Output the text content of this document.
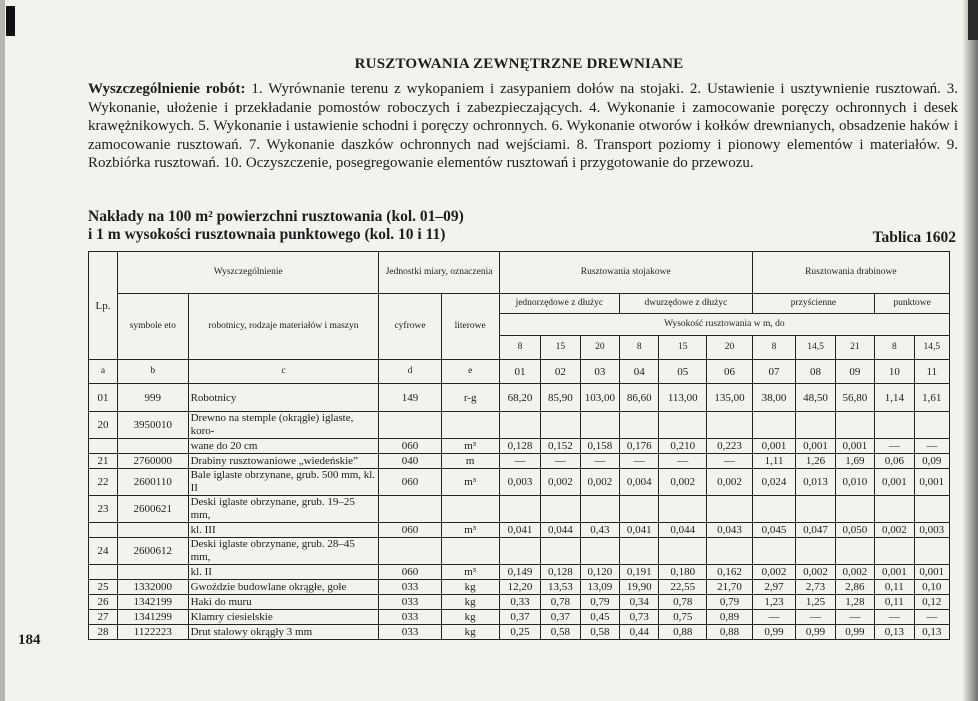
RUSZTOWANIA ZEWNĘTRZNE DREWNIANE

Wyszczególnienie robót: 1. Wyrównanie terenu z wykopaniem i zasypaniem dołów na stojaki. 2. Ustawienie i usztywnienie rusztowań. 3. Wykonanie, ułożenie i przekładanie pomostów roboczych i zabezpieczających. 4. Wykonanie i zamocowanie poręczy ochronnych i desek krawężnikowych. 5. Wykonanie i ustawienie schodni i poręczy ochronnych. 6. Wykonanie otworów i kołków drewnianych, obsadzenie haków i zamocowanie rusztowań. 7. Wykonanie daszków ochronnych nad wejściami. 8. Transport poziomy i pionowy elementów i materiałów. 9. Rozbiórka rusztowań. 10. Oczyszczenie, posegregowanie elementów rusztowań i przygotowanie do przewozu.

Nakłady na 100 m² powierzchni rusztowania (kol. 01–09)
i 1 m wysokości rusztownaia punktowego (kol. 10 i 11)	Tablica 1602
Lp.	Wyszczególnienie		Jednostki miary, oznaczenia		Rusztowania stojakowe						Rusztowania drabinowe				
	symbole eto	robotnicy, rodzaje materiałów i maszyn	cyfrowe	literowe	jednorzędowe z dłużyc			dwurzędowe z dłużyc			przyścienne			punktowe	
					Wysokość rusztowania w m, do										
					8	15	20	8	15	20	8	14,5	21	8	14,5
a	b	c	d	e	01	02	03	04	05	06	07	08	09	10	11
01	999	Robotnicy	149	r-g	68,20	85,90	103,00	86,60	113,00	135,00	38,00	48,50	56,80	1,14	1,61
20	3950010	Drewno na stemple (okrągłe) iglaste, koro-													
		wane do 20 cm	060	m³	0,128	0,152	0,158	0,176	0,210	0,223	0,001	0,001	0,001	—	—
21	2760000	Drabiny rusztowaniowe „wiedeńskie”	040	m	—	—	—	—	—	—	1,11	1,26	1,69	0,06	0,09
22	2600110	Bale iglaste obrzynane, grub. 500 mm, kl. II	060	m³	0,003	0,002	0,002	0,004	0,002	0,002	0,024	0,013	0,010	0,001	0,001
23	2600621	Deski iglaste obrzynane, grub. 19–25 mm,													
		kl. III	060	m³	0,041	0,044	0,43	0,041	0,044	0,043	0,045	0,047	0,050	0,002	0,003
24	2600612	Deski iglaste obrzynane, grub. 28–45 mm,													
		kl. II	060	m³	0,149	0,128	0,120	0,191	0,180	0,162	0,002	0,002	0,002	0,001	0,001
25	1332000	Gwoździe budowlane okrągłe, gołe	033	kg	12,20	13,53	13,09	19,90	22,55	21,70	2,97	2,73	2,86	0,11	0,10
26	1342199	Haki do muru	033	kg	0,33	0,78	0,79	0,34	0,78	0,79	1,23	1,25	1,28	0,11	0,12
27	1341299	Klamry ciesielskie	033	kg	0,37	0,37	0,45	0,73	0,75	0,89	—	—	—	—	—
28	1122223	Drut stalowy okrągły 3 mm	033	kg	0,25	0,58	0,58	0,44	0,88	0,88	0,99	0,99	0,99	0,13	0,13
184
